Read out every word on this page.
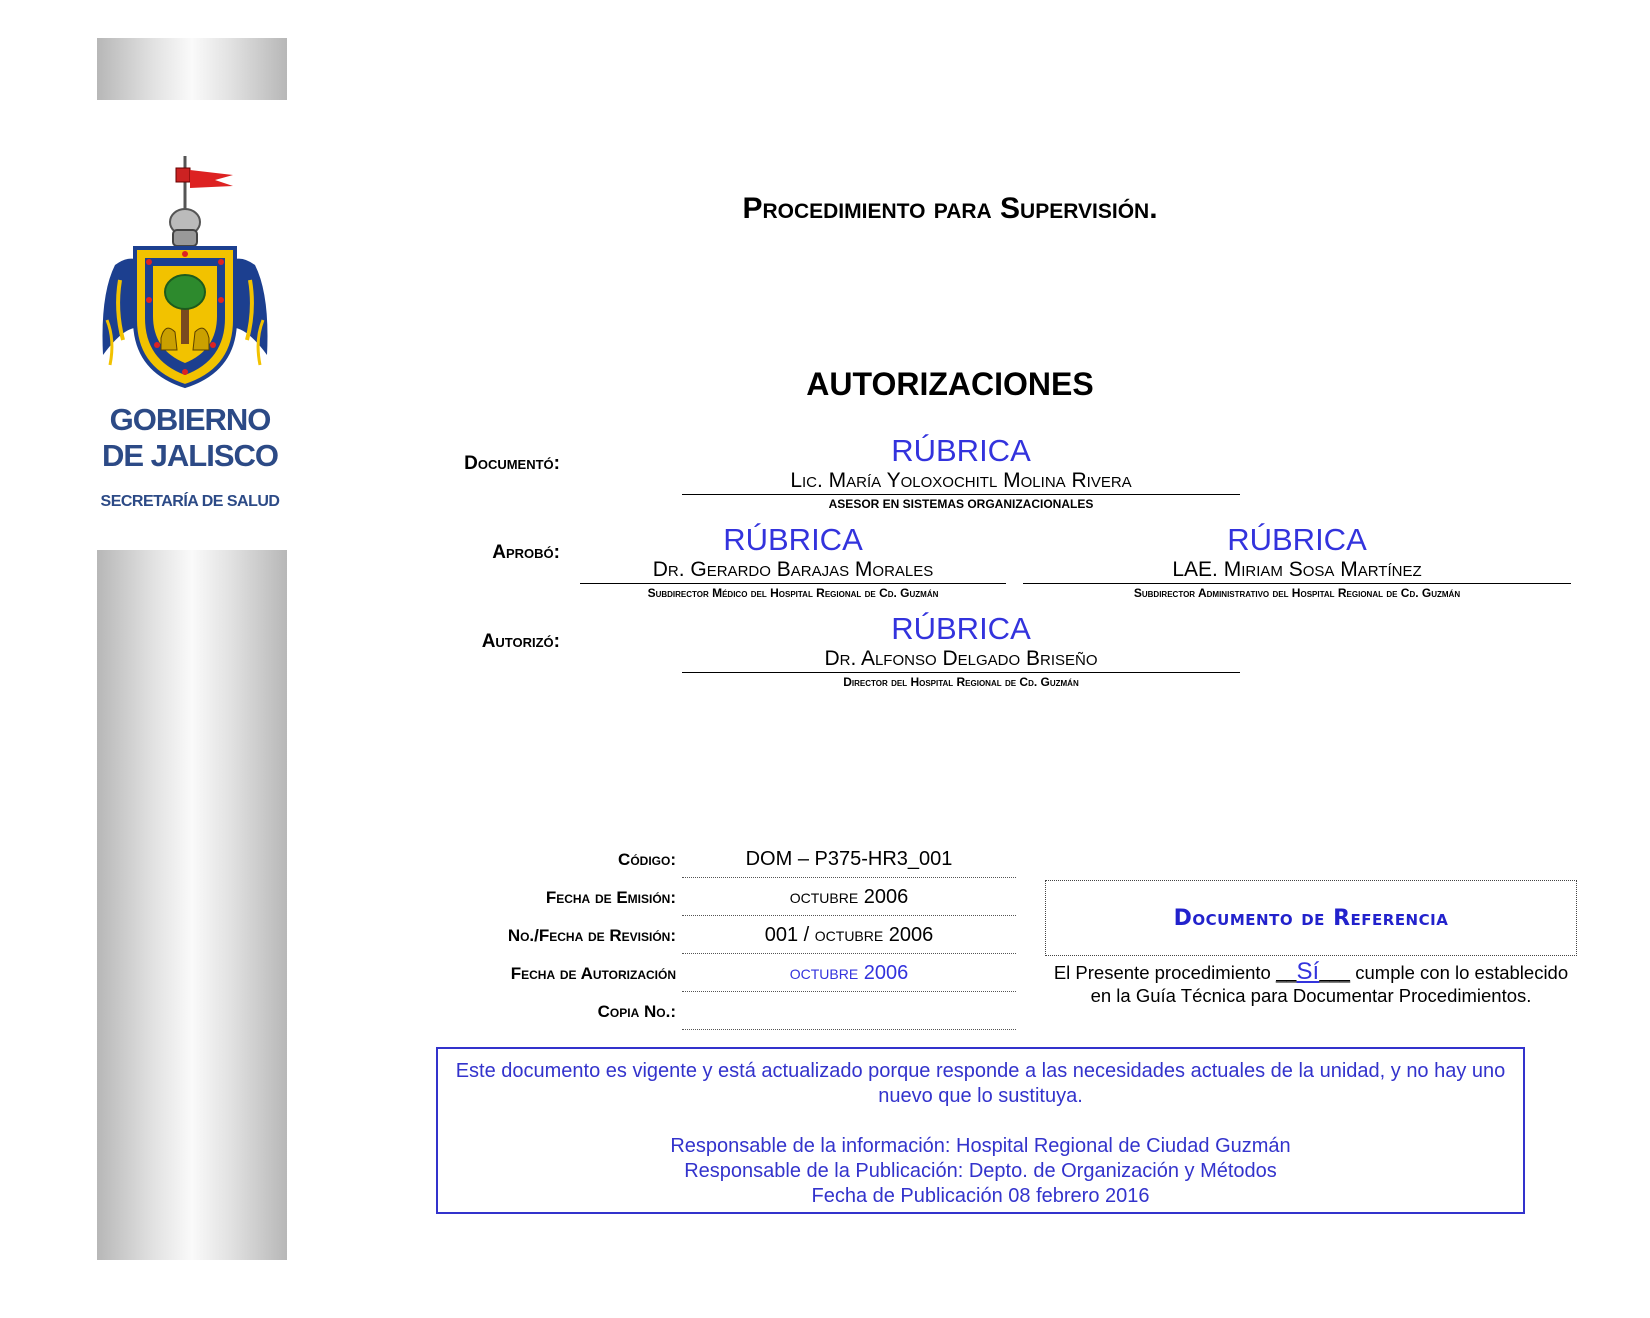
GOBIERNO
DE JALISCO
SECRETARÍA DE SALUD
Procedimiento para Supervisión.
AUTORIZACIONES
Documentó:	RÚBRICA
Lic. María Yoloxochitl Molina Rivera
ASESOR EN SISTEMAS ORGANIZACIONALES
Aprobó:	RÚBRICA
Dr. Gerardo Barajas Morales
Subdirector Médico del Hospital Regional de Cd. Guzmán
RÚBRICA
LAE. Miriam Sosa Martínez
Subdirector Administrativo del Hospital Regional de Cd. Guzmán
Autorizó:	RÚBRICA
Dr. Alfonso Delgado Briseño
Director del Hospital Regional de Cd. Guzmán
Código:	DOM – P375-HR3_001
Fecha de Emisión:	octubre 2006
No./Fecha de Revisión:	001 / octubre 2006
Fecha de Autorización	octubre 2006
Copia No.:
Documento de Referencia
El Presente procedimiento __Sí___ cumple con lo establecido en la Guía Técnica para Documentar Procedimientos.

Este documento es vigente y está actualizado porque responde a las necesidades actuales de la unidad, y no hay uno nuevo que lo sustituya.

Responsable de la información: Hospital Regional de Ciudad Guzmán

Responsable de la Publicación: Depto. de Organización y Métodos

Fecha de Publicación 08 febrero 2016
